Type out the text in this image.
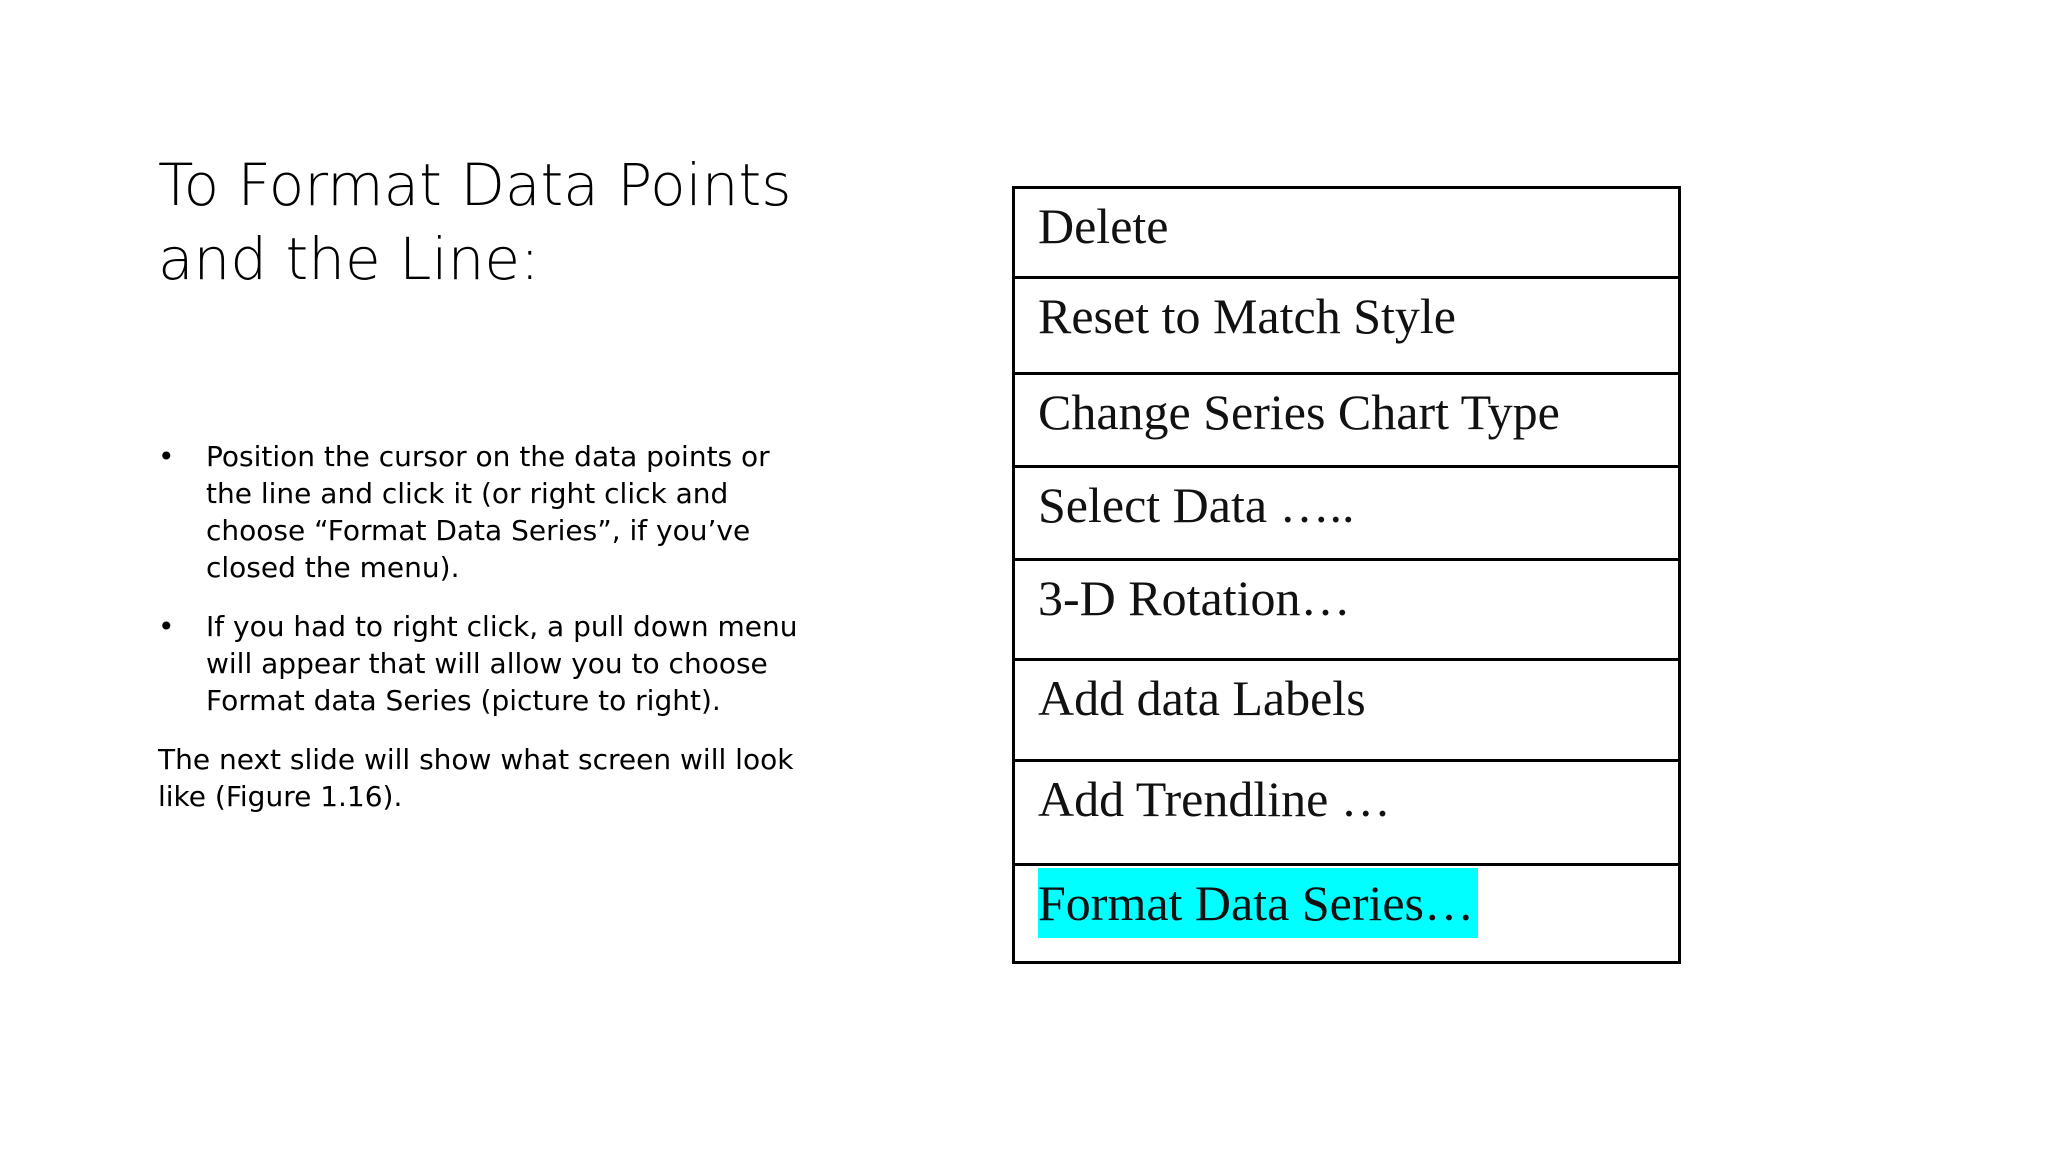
To Format Data Points
and the Line:
• Position the cursor on the data points or the line and click it (or right click and choose “Format Data Series”, if you’ve closed the menu).
• If you had to right click, a pull down menu will appear that will allow you to choose Format data Series (picture to right).

The next slide will show what screen will look like (Figure 1.16).

Delete
Reset to Match Style
Change Series Chart Type
Select Data …..
3-D Rotation…
Add data Labels
Add Trendline …
Format Data Series…
